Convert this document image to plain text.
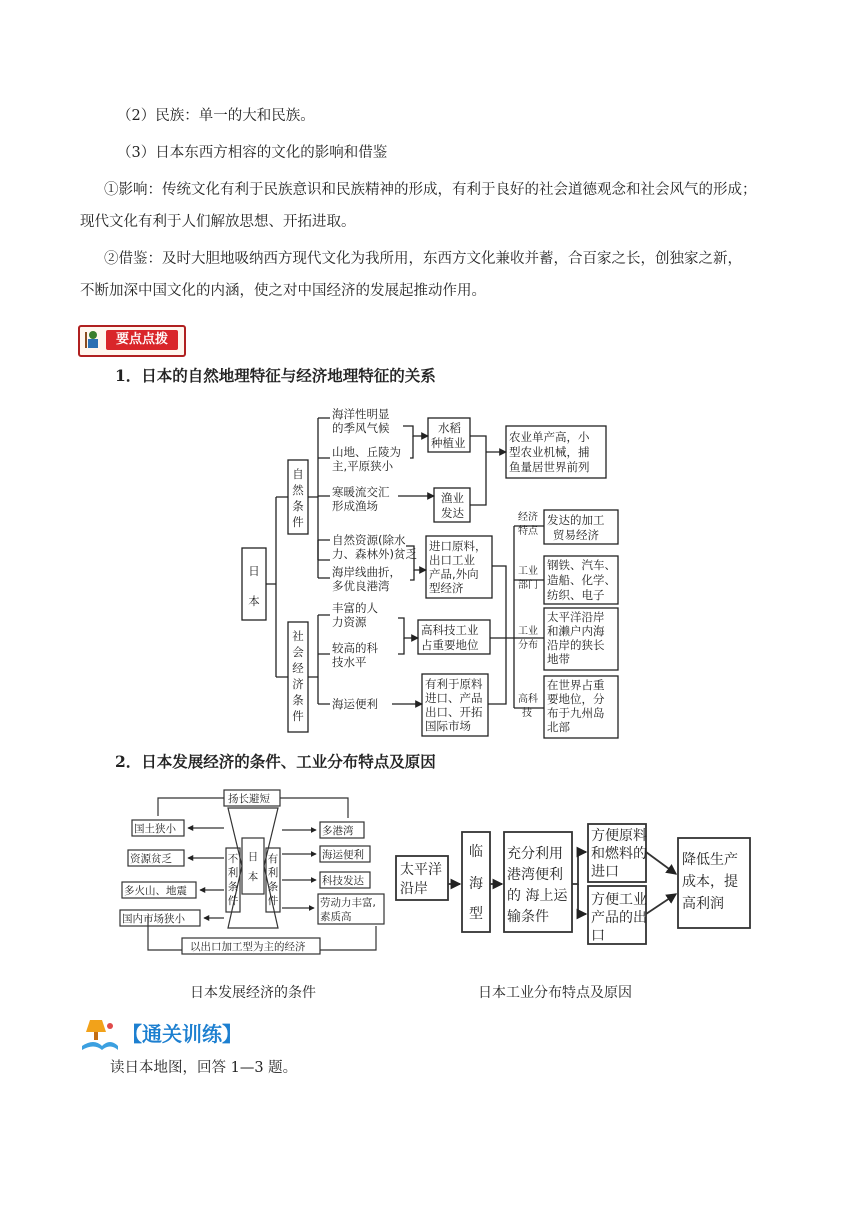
（2）民族：单一的大和民族。
（3）日本东西方相容的文化的影响和借鉴
①影响：传统文化有利于民族意识和民族精神的形成，有利于良好的社会道德观念和社会风气的形成；
现代文化有利于人们解放思想、开拓进取。
②借鉴：及时大胆地吸纳西方现代文化为我所用，东西方文化兼收并蓄，合百家之长，创独家之新，
不断加深中国文化的内涵，使之对中国经济的发展起推动作用。
要点点拨
1．日本的自然地理特征与经济地理特征的关系
日
本
自
然
条
件
社
会
经
济
条
件
海洋性明显
的季风气候
山地、丘陵为
主,平原狭小
寒暖流交汇
形成渔场
自然资源(除水
力、森林外)贫乏
海岸线曲折，
多优良港湾
水稻
种植业
渔业
发达
农业单产高，小
型农业机械，捕
鱼量居世界前列
进口原料，
出口工业
产品,外向
型经济
丰富的人
力资源
较高的科
技水平
海运便利
高科技工业
占重要地位
有利于原料
进口、产品
出口、开拓
国际市场
经济
特点
工业
部门
工业
分布
高科
技
发达的加工
贸易经济
钢铁、汽车、
造船、化学、
纺织、电子
太平洋沿岸
和濑户内海
沿岸的狭长
地带
在世界占重
要地位，分
布于九州岛
北部
2．日本发展经济的条件、工业分布特点及原因
扬长避短
以出口加工型为主的经济
国土狭小
资源贫乏
多火山、地震
国内市场狭小
多港湾
海运便利
科技发达
劳动力丰富,
素质高
日
本
不
利
条
件
有
利
条
件
太平洋
沿岸
临
海
型
充分利用
港湾便利
的 海上运
输条件
方便原料
和燃料的
进口
方便工业
产品的出
口
降低生产
成本，提
高利润
日本发展经济的条件	日本工业分布特点及原因
【通关训练】
读日本地图，回答 1—3 题。
